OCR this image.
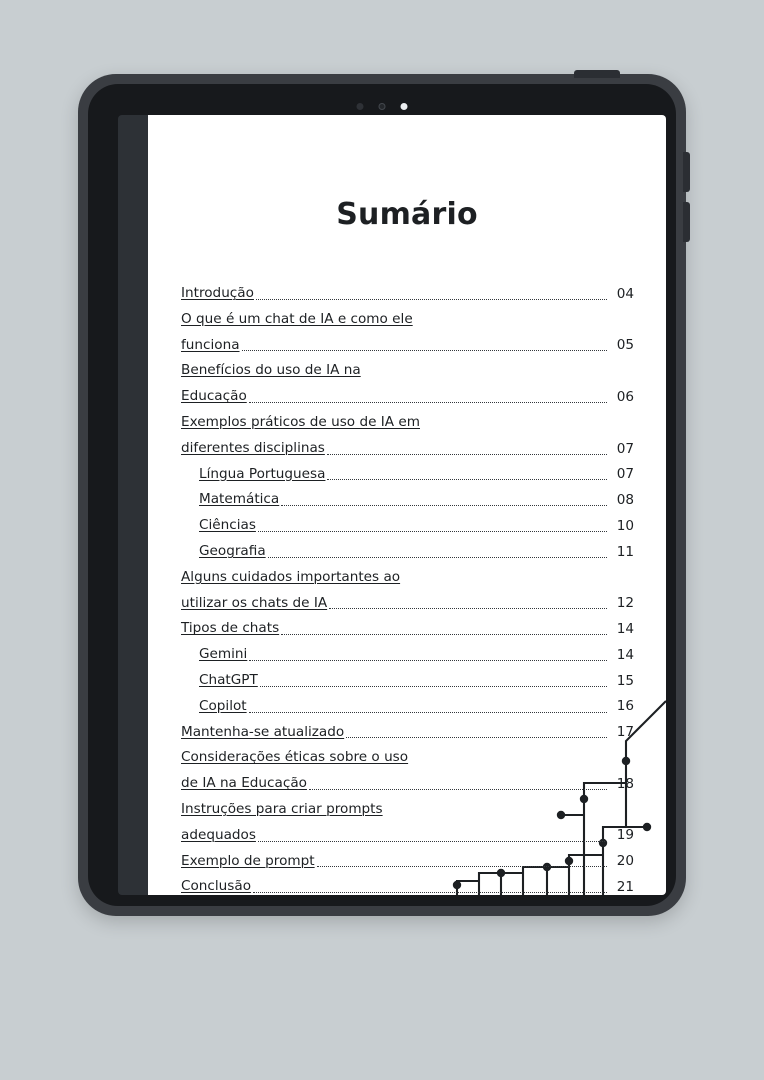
Sumário
Introdução	04
O que é um chat de IA e como ele
funciona	05
Benefícios do uso de IA na
Educação	06
Exemplos práticos de uso de IA em
diferentes disciplinas	07
Língua Portuguesa	07
Matemática	08
Ciências	10
Geografia	11
Alguns cuidados importantes ao
utilizar os chats de IA	12
Tipos de chats	14
Gemini	14
ChatGPT	15
Copilot	16
Mantenha-se atualizado	17
Considerações éticas sobre o uso
de IA na Educação	18
Instruções para criar prompts
adequados	19
Exemplo de prompt	20
Conclusão	21
